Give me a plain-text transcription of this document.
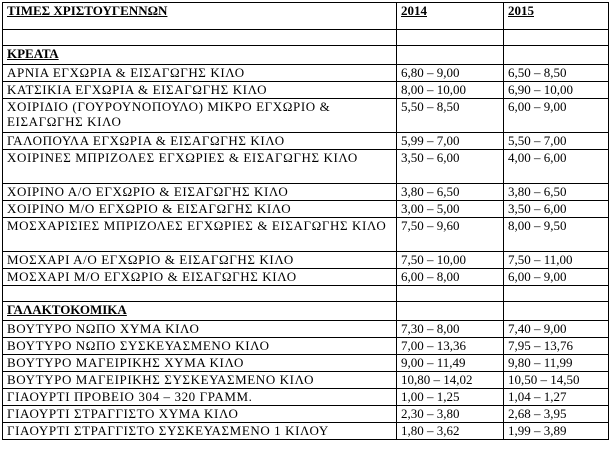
ΤΙΜΕΣ ΧΡΙΣΤΟΥΓΕΝΝΩΝ	2014	2015

ΚΡΕΑΤΑ		
ΑΡΝΙΑ ΕΓΧΩΡΙΑ & ΕΙΣΑΓΩΓΗΣ ΚΙΛΟ	6,80 – 9,00	6,50 – 8,50
ΚΑΤΣΙΚΙΑ ΕΓΧΩΡΙΑ & ΕΙΣΑΓΩΓΗΣ ΚΙΛΟ	8,00 – 10,00	6,90 – 10,00
ΧΟΙΡΙΔΙΟ (ΓΟΥΡΟΥΝΟΠΟΥΛΟ) ΜΙΚΡΟ ΕΓΧΩΡΙΟ & ΕΙΣΑΓΩΓΗΣ ΚΙΛΟ	5,50 – 8,50	6,00 – 9,00
ΓΑΛΟΠΟΥΛΑ ΕΓΧΩΡΙΑ & ΕΙΣΑΓΩΓΗΣ ΚΙΛΟ	5,99 – 7,00	5,50 – 7,00
ΧΟΙΡΙΝΕΣ ΜΠΡΙΖΟΛΕΣ ΕΓΧΩΡΙΕΣ & ΕΙΣΑΓΩΓΗΣ ΚΙΛΟ	3,50 – 6,00	4,00 – 6,00
ΧΟΙΡΙΝΟ Α/Ο ΕΓΧΩΡΙΟ & ΕΙΣΑΓΩΓΗΣ ΚΙΛΟ	3,80 – 6,50	3,80 – 6,50
ΧΟΙΡΙΝΟ Μ/Ο ΕΓΧΩΡΙΟ & ΕΙΣΑΓΩΓΗΣ ΚΙΛΟ	3,00 – 5,00	3,50 – 6,00
ΜΟΣΧΑΡΙΣΙΕΣ ΜΠΡΙΖΟΛΕΣ ΕΓΧΩΡΙΕΣ & ΕΙΣΑΓΩΓΗΣ ΚΙΛΟ	7,50 – 9,60	8,00 – 9,50
ΜΟΣΧΑΡΙ Α/Ο ΕΓΧΩΡΙΟ & ΕΙΣΑΓΩΓΗΣ ΚΙΛΟ	7,50 – 10,00	7,50 – 11,00
ΜΟΣΧΑΡΙ Μ/Ο ΕΓΧΩΡΙΟ & ΕΙΣΑΓΩΓΗΣ ΚΙΛΟ	6,00 – 8,00	6,00 – 9,00

ΓΑΛΑΚΤΟΚΟΜΙΚΑ		
ΒΟΥΤΥΡΟ ΝΩΠΟ ΧΥΜΑ ΚΙΛΟ	7,30 – 8,00	7,40 – 9,00
ΒΟΥΤΥΡΟ ΝΩΠΟ ΣΥΣΚΕΥΑΣΜΕΝΟ ΚΙΛΟ	7,00 – 13,36	7,95 – 13,76
ΒΟΥΤΥΡΟ ΜΑΓΕΙΡΙΚΗΣ ΧΥΜΑ ΚΙΛΟ	9,00 – 11,49	9,80 – 11,99
ΒΟΥΤΥΡΟ ΜΑΓΕΙΡΙΚΗΣ ΣΥΣΚΕΥΑΣΜΕΝΟ ΚΙΛΟ	10,80 – 14,02	10,50 – 14,50
ΓΙΑΟΥΡΤΙ ΠΡΟΒΕΙΟ 304 – 320 ΓΡΑΜΜ.	1,00 – 1,25	1,04 – 1,27
ΓΙΑΟΥΡΤΙ ΣΤΡΑΓΓΙΣΤΟ ΧΥΜΑ ΚΙΛΟ	2,30 – 3,80	2,68 – 3,95
ΓΙΑΟΥΡΤΙ ΣΤΡΑΓΓΙΣΤΟ ΣΥΣΚΕΥΑΣΜΕΝΟ 1 ΚΙΛΟΥ	1,80 – 3,62	1,99 – 3,89
